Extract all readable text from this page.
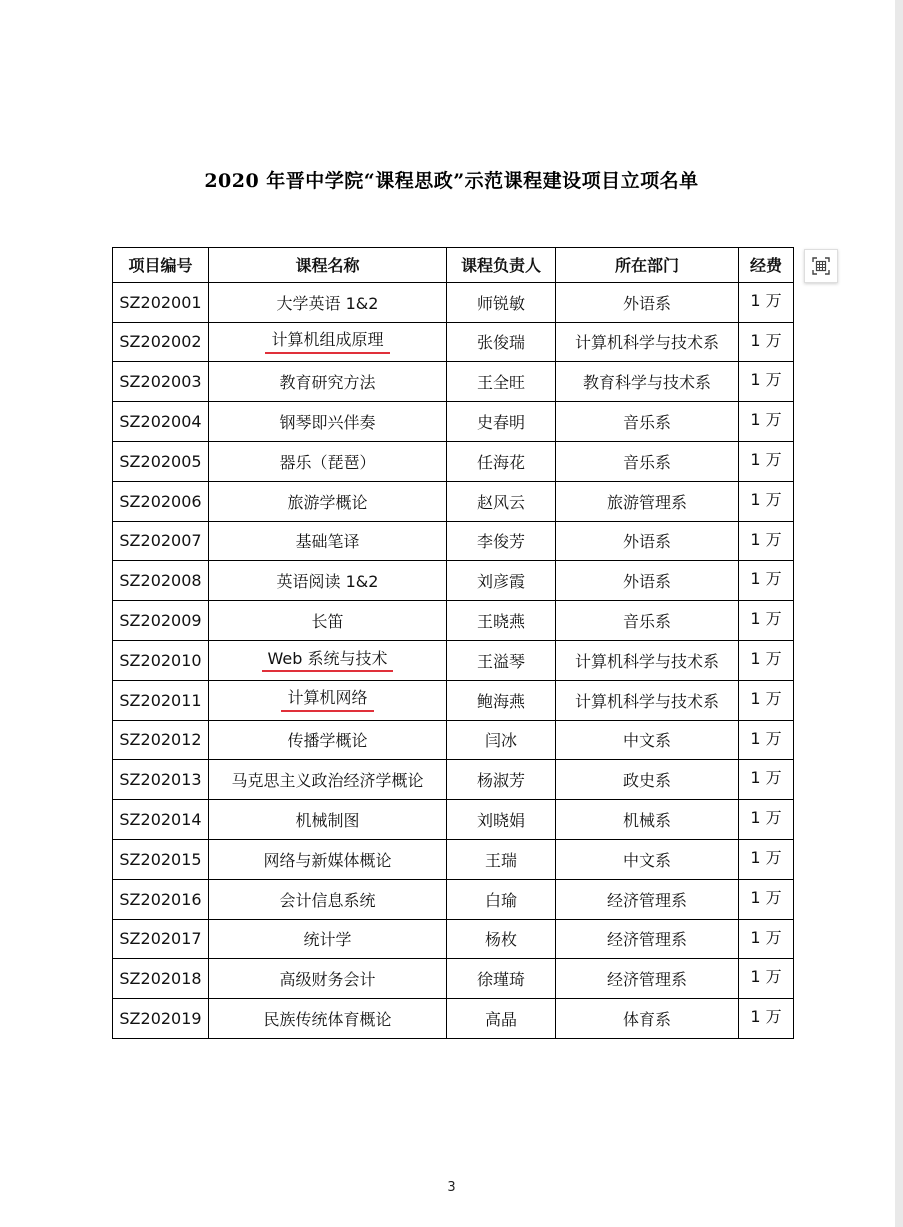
2020 年晋中学院“课程思政”示范课程建设项目立项名单
项目编号	课程名称	课程负责人	所在部门	经费
SZ202001	大学英语 1&2	师锐敏	外语系	1 万
SZ202002	计算机组成原理	张俊瑞	计算机科学与技术系	1 万
SZ202003	教育研究方法	王全旺	教育科学与技术系	1 万
SZ202004	钢琴即兴伴奏	史春明	音乐系	1 万
SZ202005	器乐（琵琶）	任海花	音乐系	1 万
SZ202006	旅游学概论	赵风云	旅游管理系	1 万
SZ202007	基础笔译	李俊芳	外语系	1 万
SZ202008	英语阅读 1&2	刘彦霞	外语系	1 万
SZ202009	长笛	王晓燕	音乐系	1 万
SZ202010	Web 系统与技术	王溢琴	计算机科学与技术系	1 万
SZ202011	计算机网络	鲍海燕	计算机科学与技术系	1 万
SZ202012	传播学概论	闫冰	中文系	1 万
SZ202013	马克思主义政治经济学概论	杨淑芳	政史系	1 万
SZ202014	机械制图	刘晓娟	机械系	1 万
SZ202015	网络与新媒体概论	王瑞	中文系	1 万
SZ202016	会计信息系统	白瑜	经济管理系	1 万
SZ202017	统计学	杨枚	经济管理系	1 万
SZ202018	高级财务会计	徐瑾琦	经济管理系	1 万
SZ202019	民族传统体育概论	高晶	体育系	1 万
3
